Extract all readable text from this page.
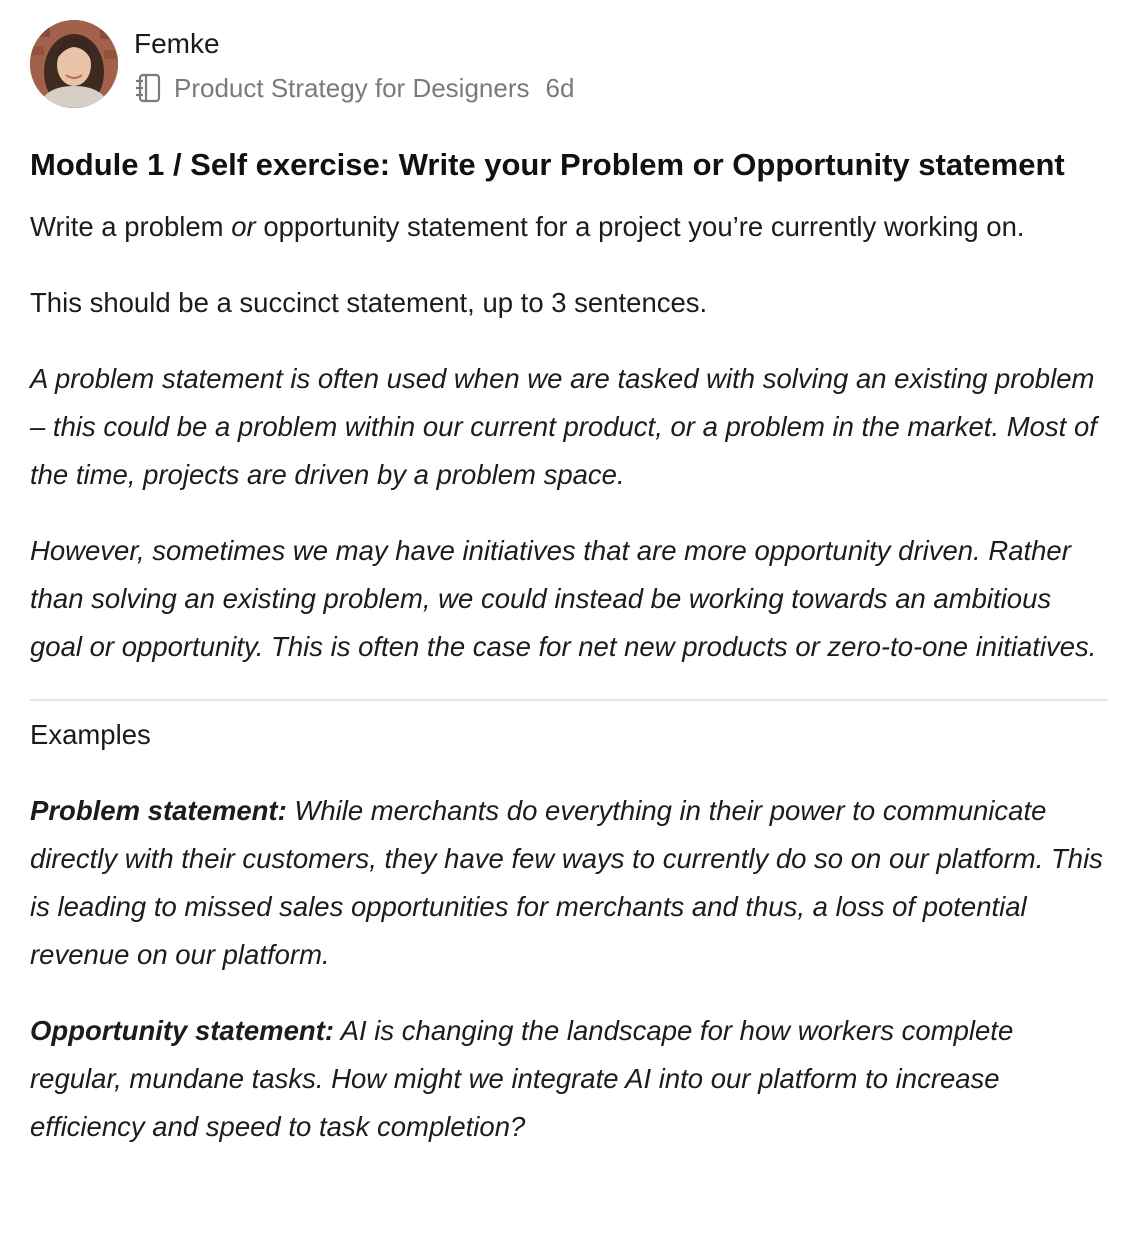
Femke
Product Strategy for Designers 6d
Module 1 / Self exercise: Write your Problem or Opportunity statement

Write a problem or opportunity statement for a project you’re currently working on.

This should be a succinct statement, up to 3 sentences.

A problem statement is often used when we are tasked with solving an existing problem – this could be a problem within our current product, or a problem in the market. Most of the time, projects are driven by a problem space.

However, sometimes we may have initiatives that are more opportunity driven. Rather than solving an existing problem, we could instead be working towards an ambitious goal or opportunity. This is often the case for net new products or zero-to-one initiatives.

Examples

Problem statement: While merchants do everything in their power to communicate directly with their customers, they have few ways to currently do so on our platform. This is leading to missed sales opportunities for merchants and thus, a loss of potential revenue on our platform.

Opportunity statement: AI is changing the landscape for how workers complete regular, mundane tasks. How might we integrate AI into our platform to increase efficiency and speed to task completion?
